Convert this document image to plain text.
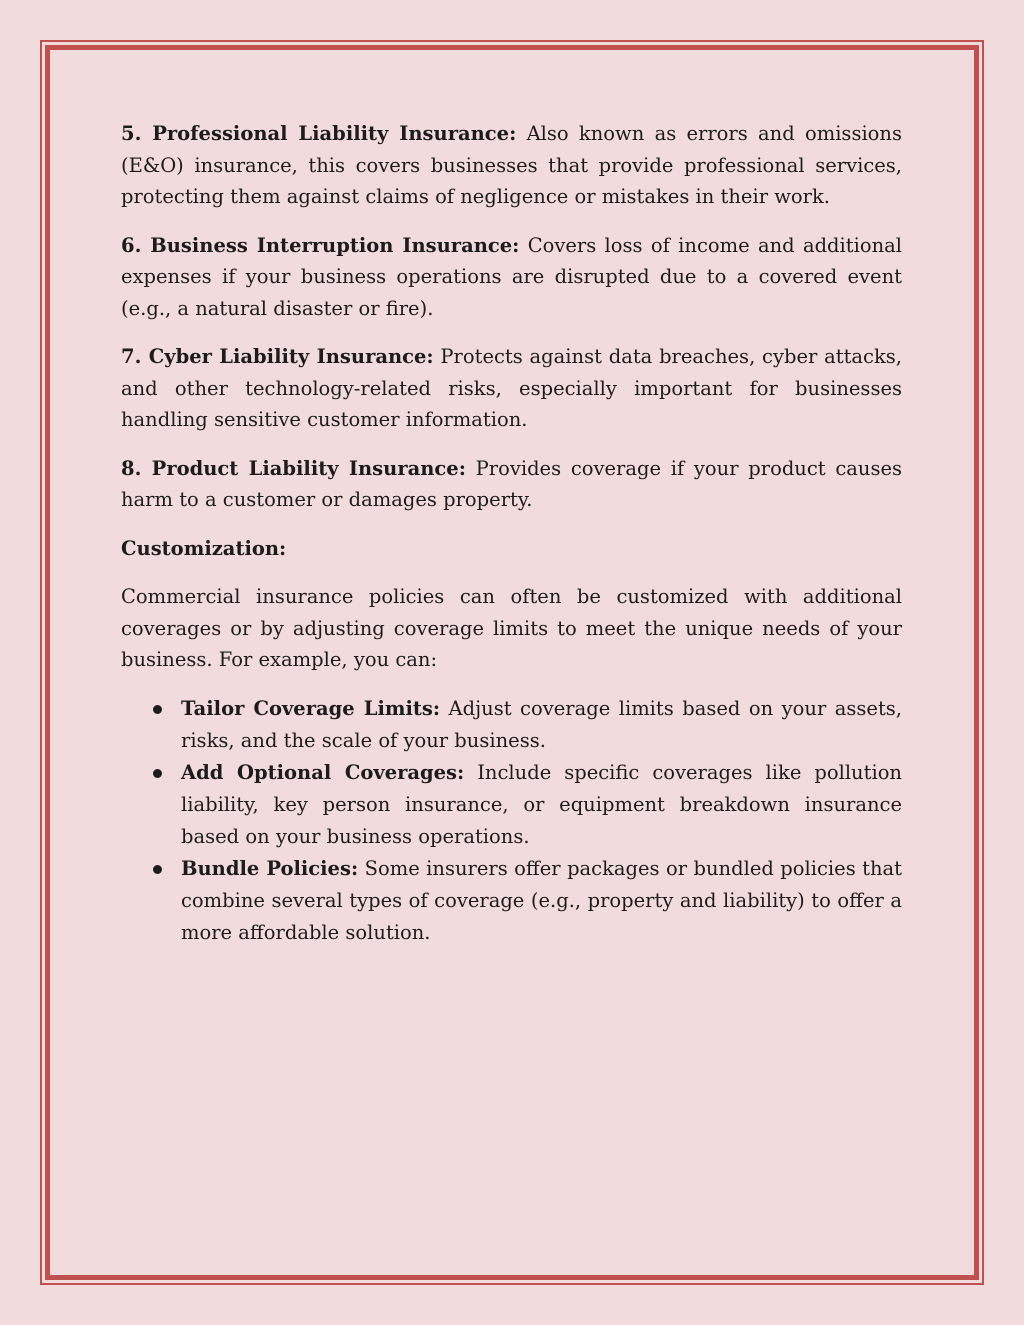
5. Professional Liability Insurance: Also known as errors and omissions (E&O) insurance, this covers businesses that provide professional services, protecting them against claims of negligence or mistakes in their work.

6. Business Interruption Insurance: Covers loss of income and additional expenses if your business operations are disrupted due to a covered event (e.g., a natural disaster or fire).

7. Cyber Liability Insurance: Protects against data breaches, cyber attacks, and other technology-related risks, especially important for businesses handling sensitive customer information.

8. Product Liability Insurance: Provides coverage if your product causes harm to a customer or damages property.

Customization:

Commercial insurance policies can often be customized with additional coverages or by adjusting coverage limits to meet the unique needs of your business. For example, you can:

Tailor Coverage Limits: Adjust coverage limits based on your assets, risks, and the scale of your business.
Add Optional Coverages: Include specific coverages like pollution liability, key person insurance, or equipment breakdown insurance based on your business operations.
Bundle Policies: Some insurers offer packages or bundled policies that combine several types of coverage (e.g., property and liability) to offer a more affordable solution.
